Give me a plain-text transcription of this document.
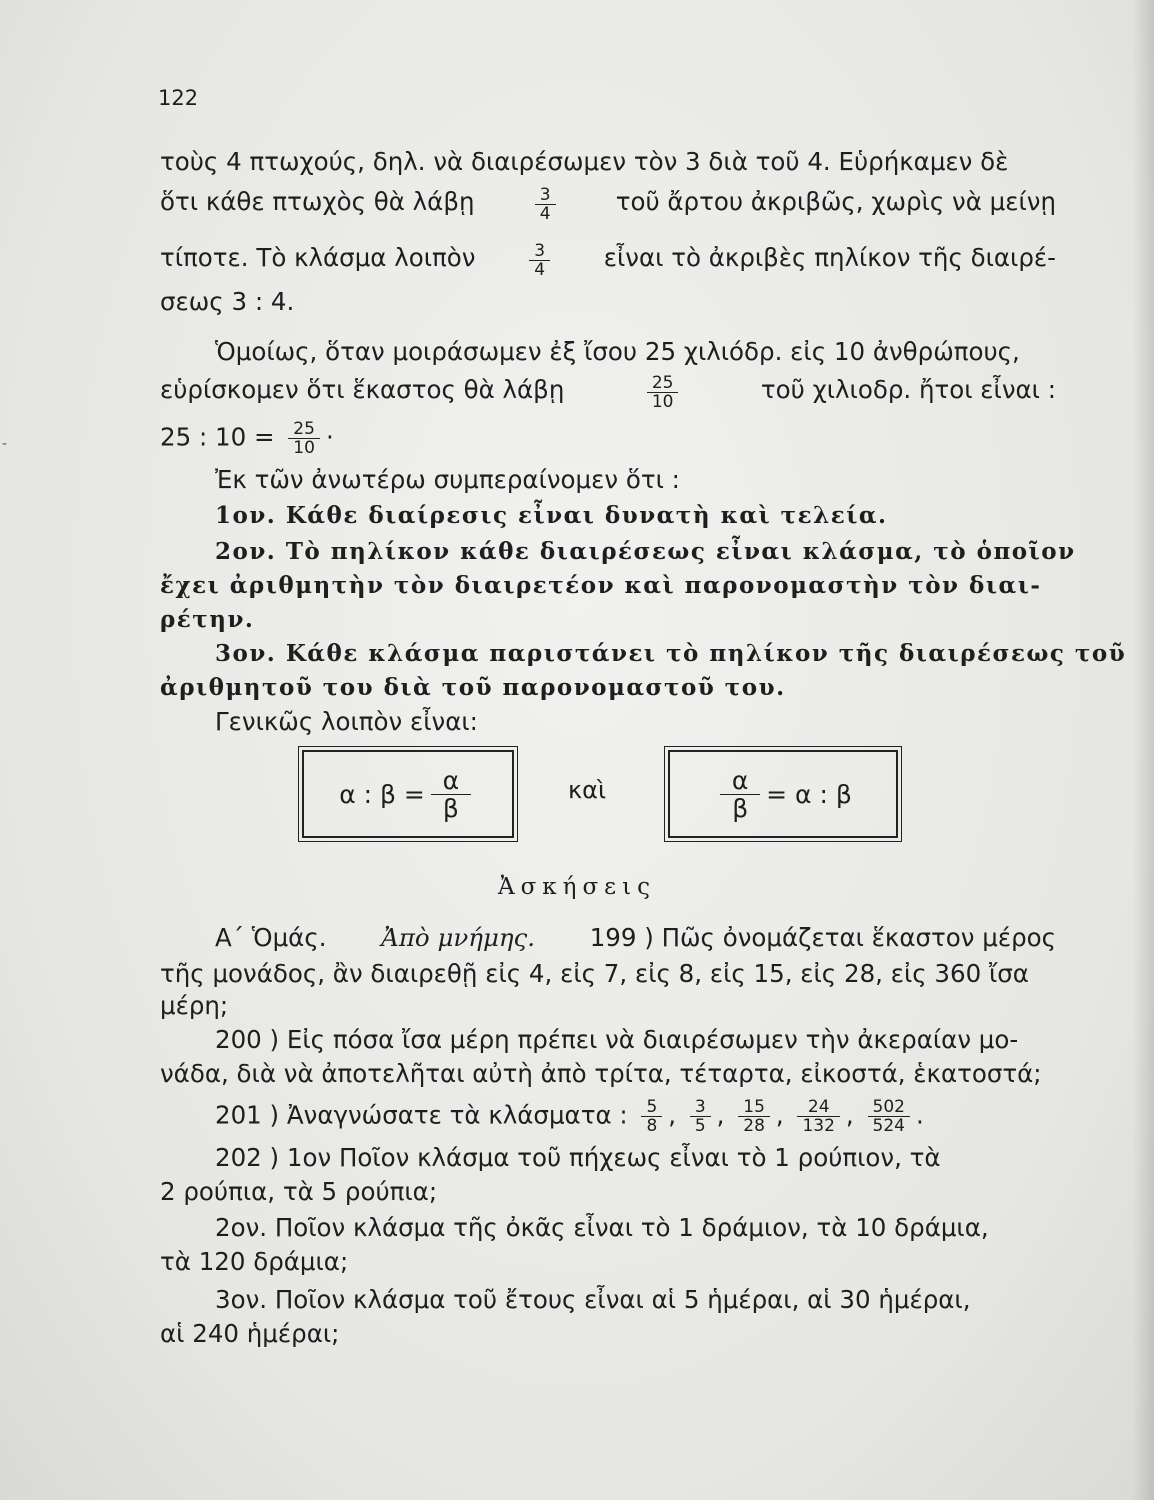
-
122
τοὺς 4 πτωχούς, δηλ. νὰ διαιρέσωμεν τὸν 3 διὰ τοῦ 4. Εὑρήκαμεν δὲ
ὅτι κάθε πτωχὸς θὰ λάβῃ	$\frac{3}{4}$ τοῦ ἄρτου ἀκριβῶς, χωρὶς νὰ μείνῃ
τίποτε. Τὸ κλάσμα λοιπὸν	$\frac{3}{4}$ εἶναι τὸ ἀκριβὲς πηλίκον τῆς διαιρέ-
σεως 3 : 4.
Ὁμοίως, ὅταν μοιράσωμεν ἐξ ἴσου 25 χιλιόδρ. εἰς 10 ἀνθρώπους,
εὑρίσκομεν ὅτι ἕκαστος θὰ λάβῃ	$\frac{25}{10}$	τοῦ χιλιοδρ. ἤτοι εἶναι :
25 : $10 = \frac{25}{10}$ ·
Ἐκ τῶν ἀνωτέρω συμπεραίνομεν ὅτι :
1ον. Κάθε διαίρεσις εἶναι δυνατὴ καὶ τελεία.
2ον. Τὸ πηλίκον κάθε διαιρέσεως εἶναι κλάσμα, τὸ ὁποῖον
ἔχει ἀριθμητὴν τὸν διαιρετέον καὶ παρονομαστὴν τὸν διαι-
ρέτην.
3ον. Κάθε κλάσμα παριστάνει τὸ πηλίκον τῆς διαιρέσεως τοῦ
ἀριθμητοῦ του διὰ τοῦ παρονομαστοῦ του.
Γενικῶς λοιπὸν εἶναι:
α : $\beta = \frac{\alpha}{\beta}$	καὶ	$\frac{\alpha}{\beta} = \alpha$ : β
Ἀσκήσεις
Α΄ Ὁμάς. Ἀπὸ μνήμης. 199 ) Πῶς ὀνομάζεται ἕκαστον μέρος
τῆς μονάδος, ἂν διαιρεθῇ εἰς 4, εἰς 7, εἰς 8, εἰς 15, εἰς 28, εἰς 360 ἴσα
μέρη;
200 ) Εἰς πόσα ἴσα μέρη πρέπει νὰ διαιρέσωμεν τὴν ἀκεραίαν μο-
νάδα, διὰ νὰ ἀποτελῆται αὐτὴ ἀπὸ τρίτα, τέταρτα, εἰκοστά, ἑκατοστά;
201 ) Ἀναγνώσατε τὰ κλάσματα : $\frac{5}{8}$ , $\frac{3}{5}$ , $\frac{15}{28}$ , $\frac{24}{132}$ , $\frac{502}{524}$ .
202 ) 1ον Ποῖον κλάσμα τοῦ πήχεως εἶναι τὸ 1 ρούπιον, τὰ
2 ρούπια, τὰ 5 ρούπια;
2ον. Ποῖον κλάσμα τῆς ὀκᾶς εἶναι τὸ 1 δράμιον, τὰ 10 δράμια,
τὰ 120 δράμια;
3ον. Ποῖον κλάσμα τοῦ ἔτους εἶναι αἱ 5 ἡμέραι, αἱ 30 ἡμέραι,
αἱ 240 ἡμέραι;
